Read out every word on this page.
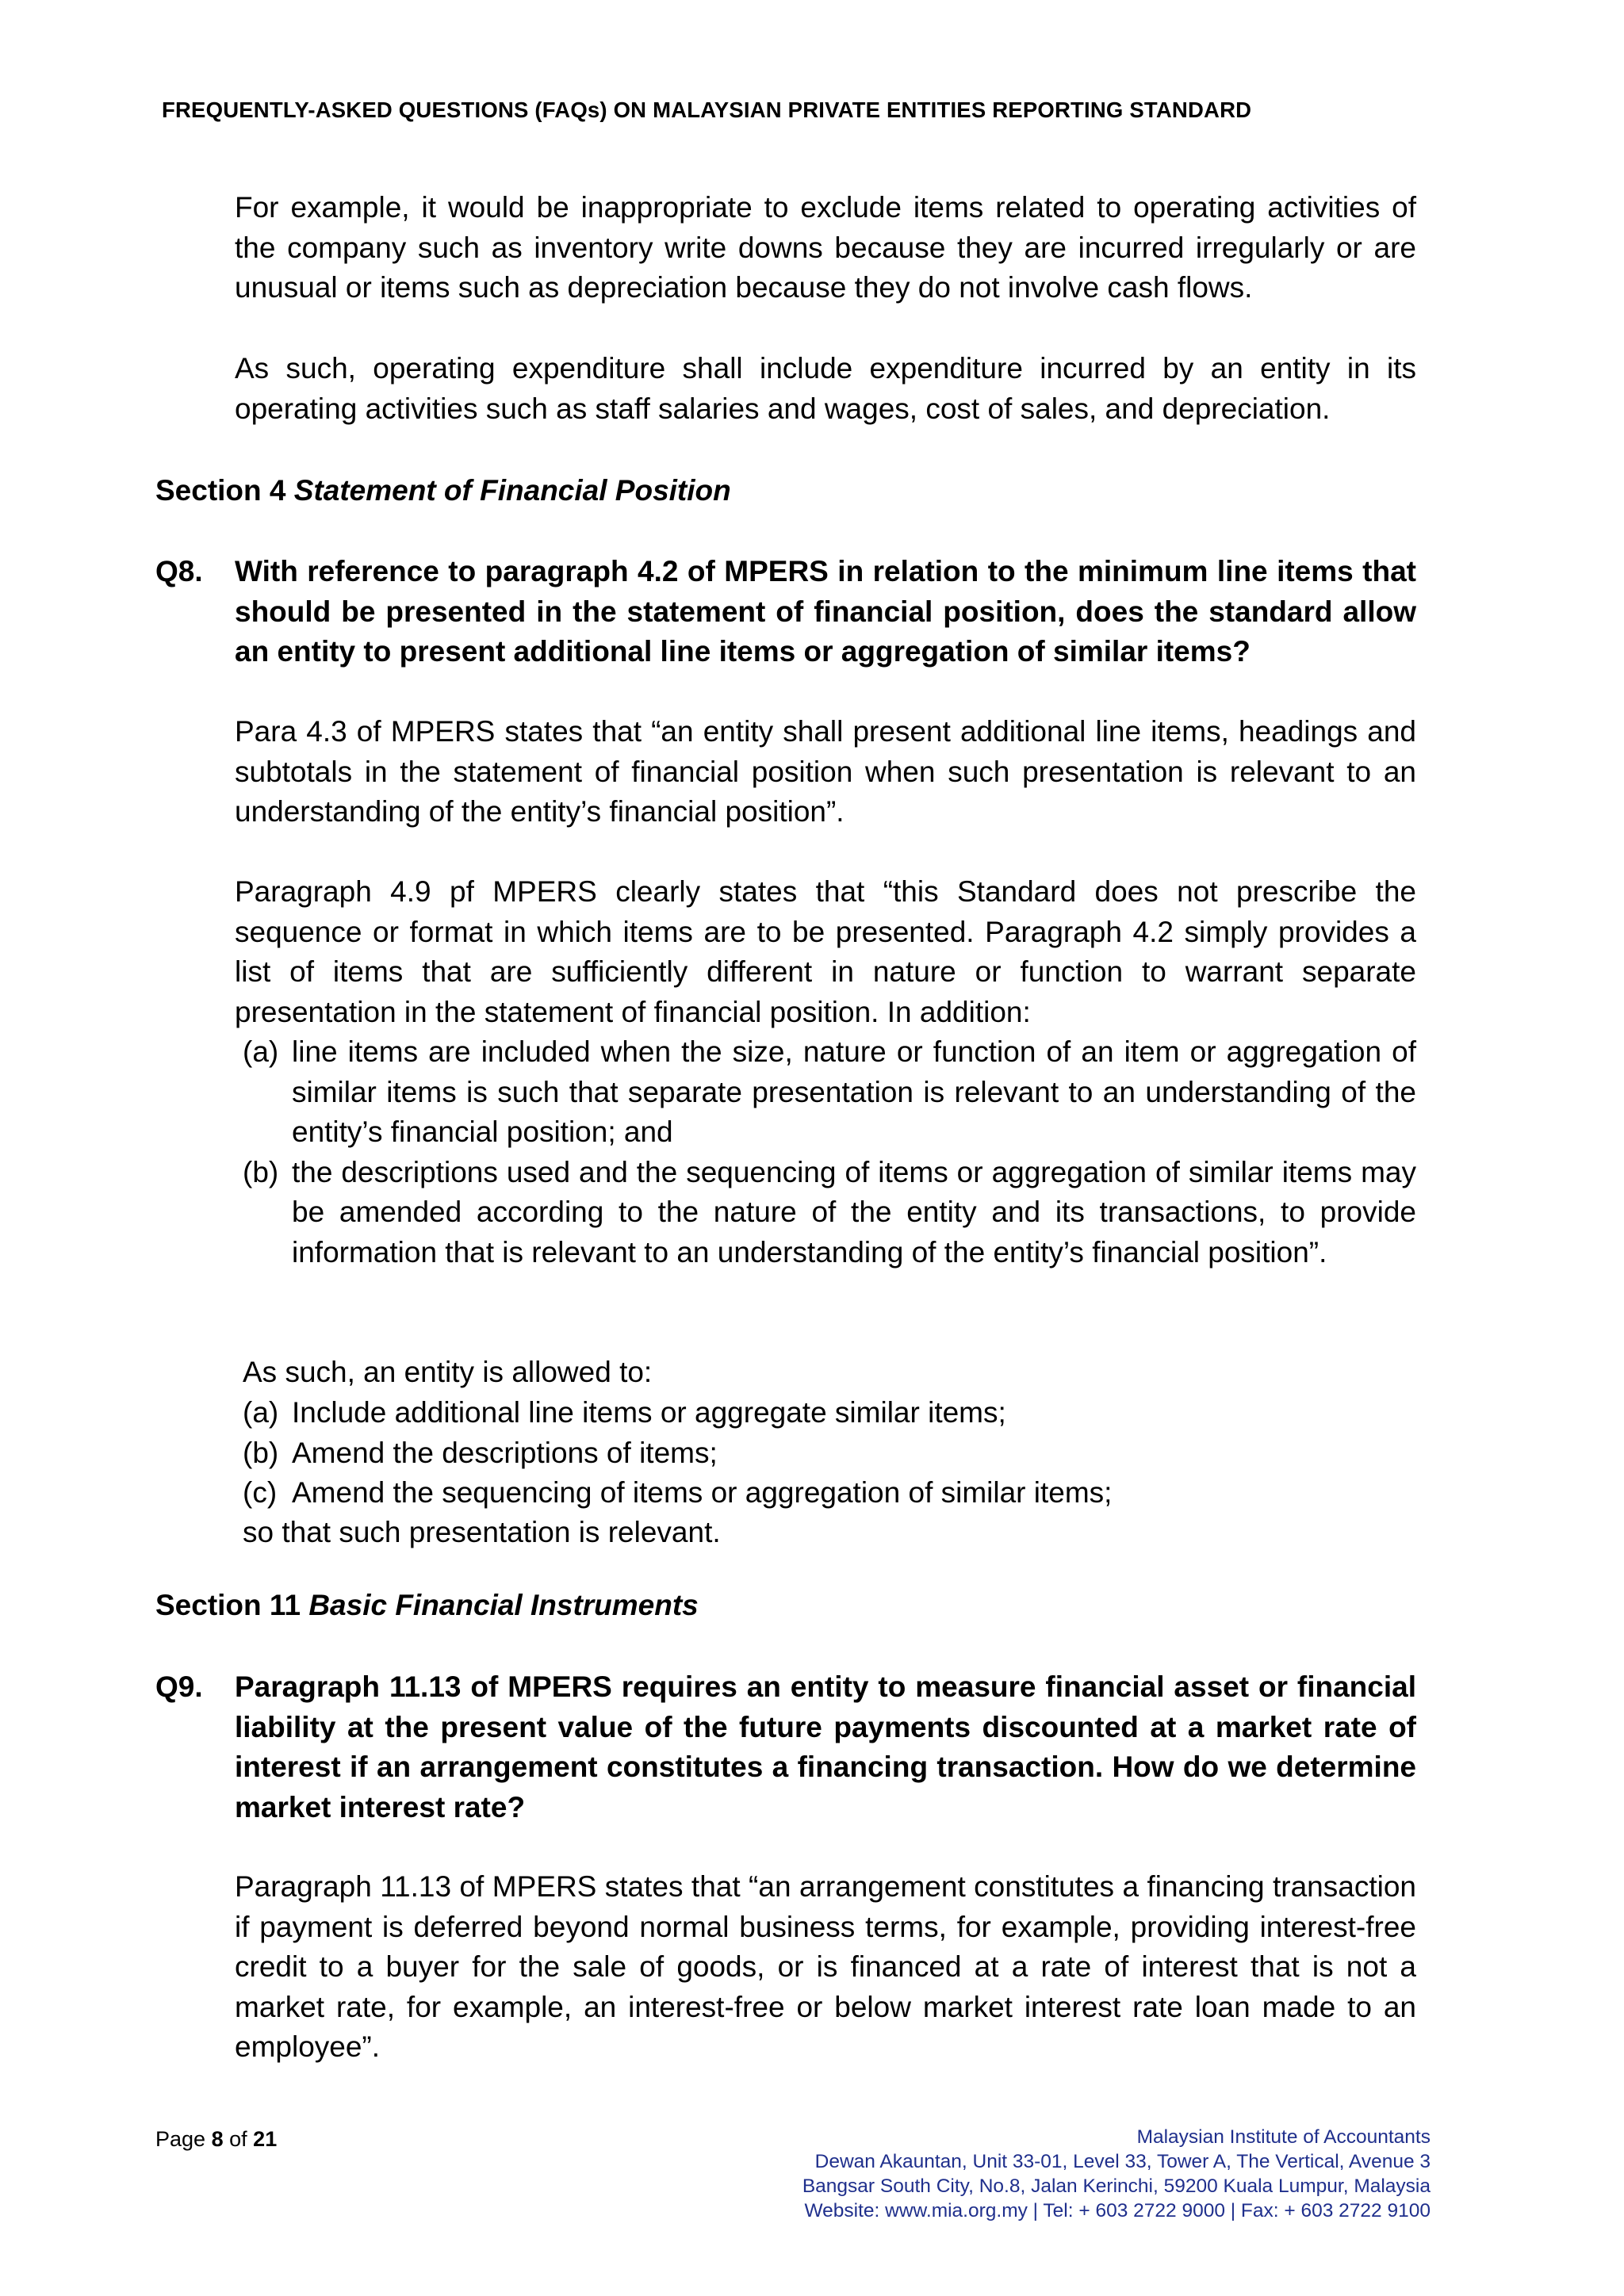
FREQUENTLY-ASKED QUESTIONS (FAQs) ON MALAYSIAN PRIVATE ENTITIES REPORTING STANDARD

For example, it would be inappropriate to exclude items related to operating activities of the company such as inventory write downs because they are incurred irregularly or are unusual or items such as depreciation because they do not involve cash flows.

As such, operating expenditure shall include expenditure incurred by an entity in its operating activities such as staff salaries and wages, cost of sales, and depreciation.

Section 4 Statement of Financial Position
Q8. With reference to paragraph 4.2 of MPERS in relation to the minimum line items that should be presented in the statement of financial position, does the standard allow an entity to present additional line items or aggregation of similar items?

Para 4.3 of MPERS states that “an entity shall present additional line items, headings and subtotals in the statement of financial position when such presentation is relevant to an understanding of the entity’s financial position”.

Paragraph 4.9 pf MPERS clearly states that “this Standard does not prescribe the sequence or format in which items are to be presented. Paragraph 4.2 simply provides a list of items that are sufficiently different in nature or function to warrant separate presentation in the statement of financial position. In addition:

(a) line items are included when the size, nature or function of an item or aggregation of similar items is such that separate presentation is relevant to an understanding of the entity’s financial position; and
(b) the descriptions used and the sequencing of items or aggregation of similar items may be amended according to the nature of the entity and its transactions, to provide information that is relevant to an understanding of the entity’s financial position”.

As such, an entity is allowed to:

(a) Include additional line items or aggregate similar items;
(b) Amend the descriptions of items;
(c) Amend the sequencing of items or aggregation of similar items;

so that such presentation is relevant.

Section 11 Basic Financial Instruments
Q9. Paragraph 11.13 of MPERS requires an entity to measure financial asset or financial liability at the present value of the future payments discounted at a market rate of interest if an arrangement constitutes a financing transaction. How do we determine market interest rate?

Paragraph 11.13 of MPERS states that “an arrangement constitutes a financing transaction if payment is deferred beyond normal business terms, for example, providing interest-free credit to a buyer for the sale of goods, or is financed at a rate of interest that is not a market rate, for example, an interest-free or below market interest rate loan made to an employee”.

Page 8 of 21	Malaysian Institute of Accountants
Dewan Akauntan, Unit 33-01, Level 33, Tower A, The Vertical, Avenue 3
Bangsar South City, No.8, Jalan Kerinchi, 59200 Kuala Lumpur, Malaysia
Website: www.mia.org.my | Tel: + 603 2722 9000 | Fax: + 603 2722 9100
